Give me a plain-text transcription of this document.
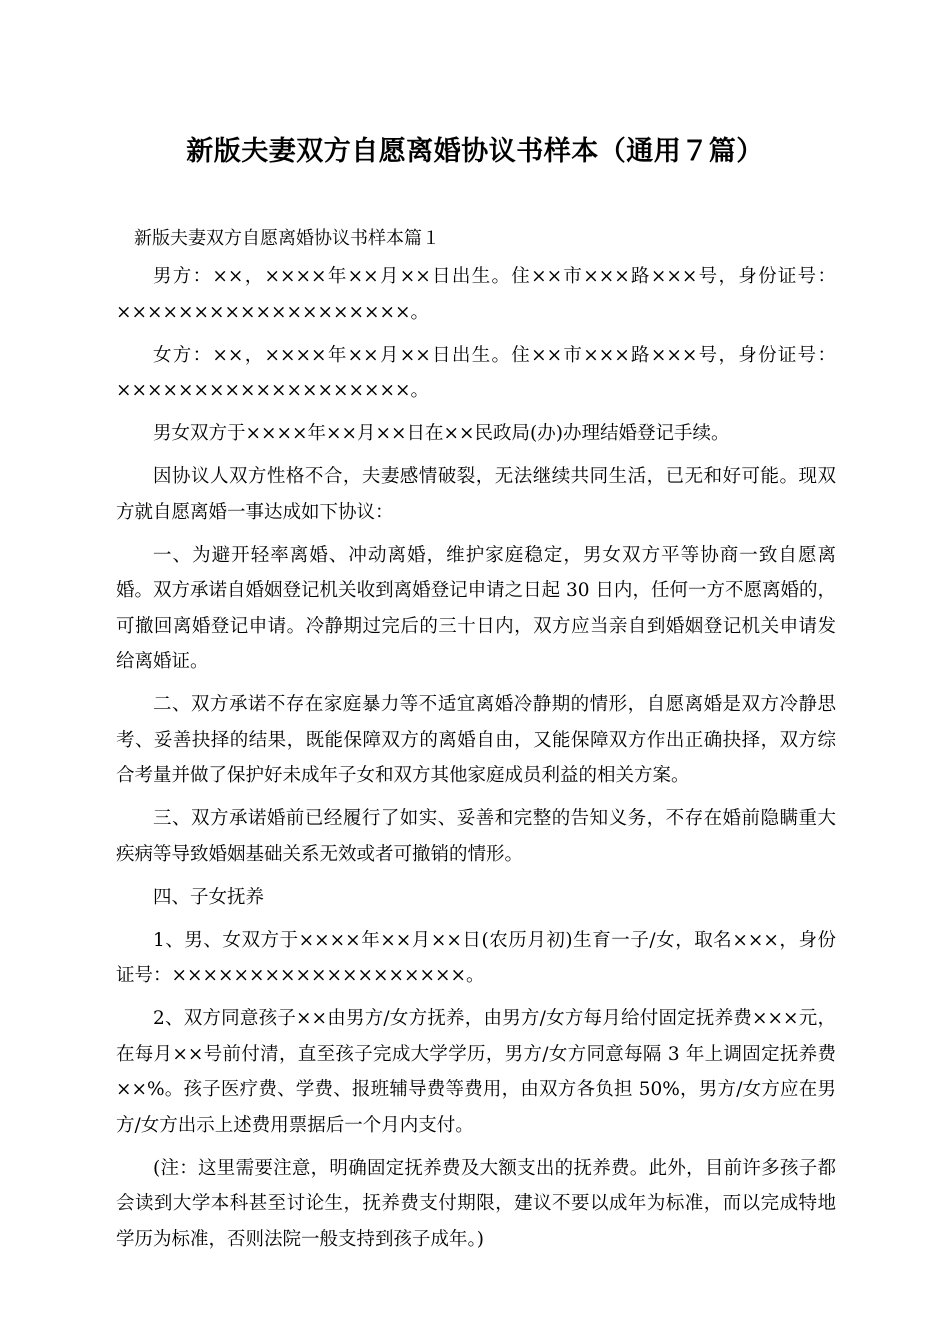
新版夫妻双方自愿离婚协议书样本（通用７篇）
新版夫妻双方自愿离婚协议书样本篇１

男方：××，××××年××月××日出生。住××市×××路×××号，身份证号：×××××××××××××××××××。

女方：××，××××年××月××日出生。住××市×××路×××号，身份证号：×××××××××××××××××××。

男女双方于××××年××月××日在××民政局(办)办理结婚登记手续。

因协议人双方性格不合，夫妻感情破裂，无法继续共同生活，已无和好可能。现双方就自愿离婚一事达成如下协议：

一、为避开轻率离婚、冲动离婚，维护家庭稳定，男女双方平等协商一致自愿离婚。双方承诺自婚姻登记机关收到离婚登记申请之日起 30 日内，任何一方不愿离婚的，可撤回离婚登记申请。冷静期过完后的三十日内，双方应当亲自到婚姻登记机关申请发给离婚证。

二、双方承诺不存在家庭暴力等不适宜离婚冷静期的情形，自愿离婚是双方冷静思考、妥善抉择的结果，既能保障双方的离婚自由，又能保障双方作出正确抉择，双方综合考量并做了保护好未成年子女和双方其他家庭成员利益的相关方案。

三、双方承诺婚前已经履行了如实、妥善和完整的告知义务，不存在婚前隐瞒重大疾病等导致婚姻基础关系无效或者可撤销的情形。

四、子女抚养

1、男、女双方于××××年××月××日(农历月初)生育一子/女，取名×××，身份证号：×××××××××××××××××××。

2、双方同意孩子××由男方/女方抚养，由男方/女方每月给付固定抚养费×××元，在每月××号前付清，直至孩子完成大学学历，男方/女方同意每隔 3 年上调固定抚养费××%。孩子医疗费、学费、报班辅导费等费用，由双方各负担 50%，男方/女方应在男方/女方出示上述费用票据后一个月内支付。

(注：这里需要注意，明确固定抚养费及大额支出的抚养费。此外，目前许多孩子都会读到大学本科甚至讨论生，抚养费支付期限，建议不要以成年为标准，而以完成特地学历为标准，否则法院一般支持到孩子成年。)
